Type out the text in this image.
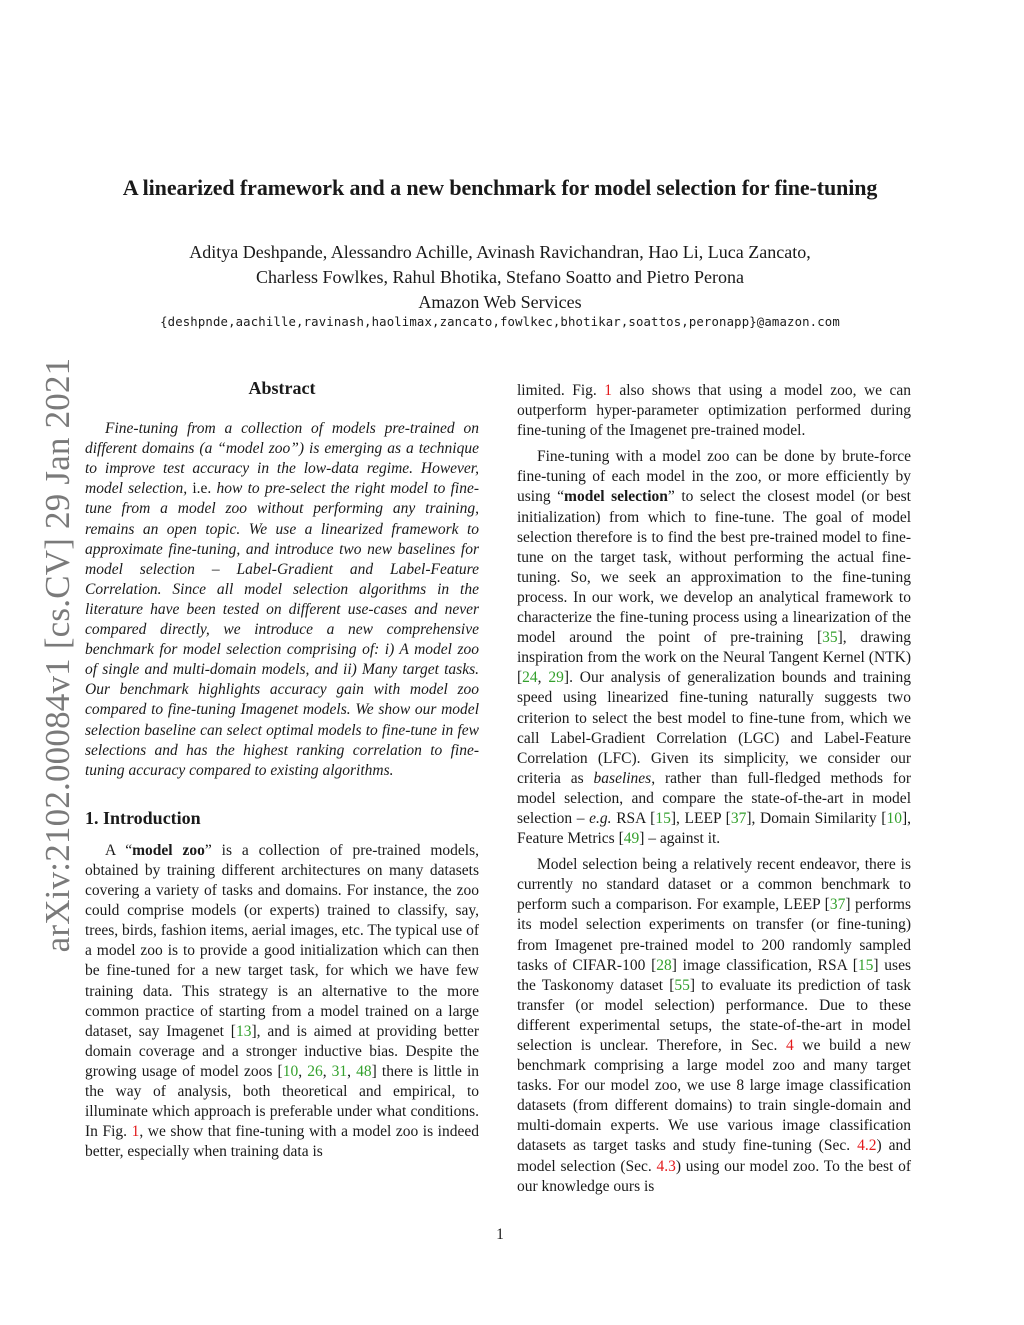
A linearized framework and a new benchmark for model selection for fine-tuning
Aditya Deshpande, Alessandro Achille, Avinash Ravichandran, Hao Li, Luca Zancato,
Charless Fowlkes, Rahul Bhotika, Stefano Soatto and Pietro Perona
Amazon Web Services
{deshpnde,aachille,ravinash,haolimax,zancato,fowlkec,bhotikar,soattos,peronapp}@amazon.com
arXiv:2102.00084v1 [cs.CV] 29 Jan 2021	Abstract
Fine-tuning from a collection of models pre-trained on different domains (a “model zoo”) is emerging as a technique to improve test accuracy in the low-data regime. However, model selection, i.e. how to pre-select the right model to fine-tune from a model zoo without performing any training, remains an open topic. We use a linearized framework to approximate fine-tuning, and introduce two new baselines for model selection – Label-Gradient and Label-Feature Correlation. Since all model selection algorithms in the literature have been tested on different use-cases and never compared directly, we introduce a new comprehensive benchmark for model selection comprising of: i) A model zoo of single and multi-domain models, and ii) Many target tasks. Our benchmark highlights accuracy gain with model zoo compared to fine-tuning Imagenet models. We show our model selection baseline can select optimal models to fine-tune in few selections and has the highest ranking correlation to fine-tuning accuracy compared to existing algorithms.
1. Introduction

A “model zoo” is a collection of pre-trained models, obtained by training different architectures on many datasets covering a variety of tasks and domains. For instance, the zoo could comprise models (or experts) trained to classify, say, trees, birds, fashion items, aerial images, etc. The typical use of a model zoo is to provide a good initialization which can then be fine-tuned for a new target task, for which we have few training data. This strategy is an alternative to the more common practice of starting from a model trained on a large dataset, say Imagenet [13], and is aimed at providing better domain coverage and a stronger inductive bias. Despite the growing usage of model zoos [10, 26, 31, 48] there is little in the way of analysis, both theoretical and empirical, to illuminate which approach is preferable under what conditions. In Fig. 1, we show that fine-tuning with a model zoo is indeed better, especially when training data is

limited. Fig. 1 also shows that using a model zoo, we can outperform hyper-parameter optimization performed during fine-tuning of the Imagenet pre-trained model.

Fine-tuning with a model zoo can be done by brute-force fine-tuning of each model in the zoo, or more efficiently by using “model selection” to select the closest model (or best initialization) from which to fine-tune. The goal of model selection therefore is to find the best pre-trained model to fine-tune on the target task, without performing the actual fine-tuning. So, we seek an approximation to the fine-tuning process. In our work, we develop an analytical framework to characterize the fine-tuning process using a linearization of the model around the point of pre-training [35], drawing inspiration from the work on the Neural Tangent Kernel (NTK) [24, 29]. Our analysis of generalization bounds and training speed using linearized fine-tuning naturally suggests two criterion to select the best model to fine-tune from, which we call Label-Gradient Correlation (LGC) and Label-Feature Correlation (LFC). Given its simplicity, we consider our criteria as baselines, rather than full-fledged methods for model selection, and compare the state-of-the-art in model selection – e.g. RSA [15], LEEP [37], Domain Similarity [10], Feature Metrics [49] – against it.

Model selection being a relatively recent endeavor, there is currently no standard dataset or a common benchmark to perform such a comparison. For example, LEEP [37] performs its model selection experiments on transfer (or fine-tuning) from Imagenet pre-trained model to 200 randomly sampled tasks of CIFAR-100 [28] image classification, RSA [15] uses the Taskonomy dataset [55] to evaluate its prediction of task transfer (or model selection) performance. Due to these different experimental setups, the state-of-the-art in model selection is unclear. Therefore, in Sec. 4 we build a new benchmark comprising a large model zoo and many target tasks. For our model zoo, we use 8 large image classification datasets (from different domains) to train single-domain and multi-domain experts. We use various image classification datasets as target tasks and study fine-tuning (Sec. 4.2) and model selection (Sec. 4.3) using our model zoo. To the best of our knowledge ours is

1
